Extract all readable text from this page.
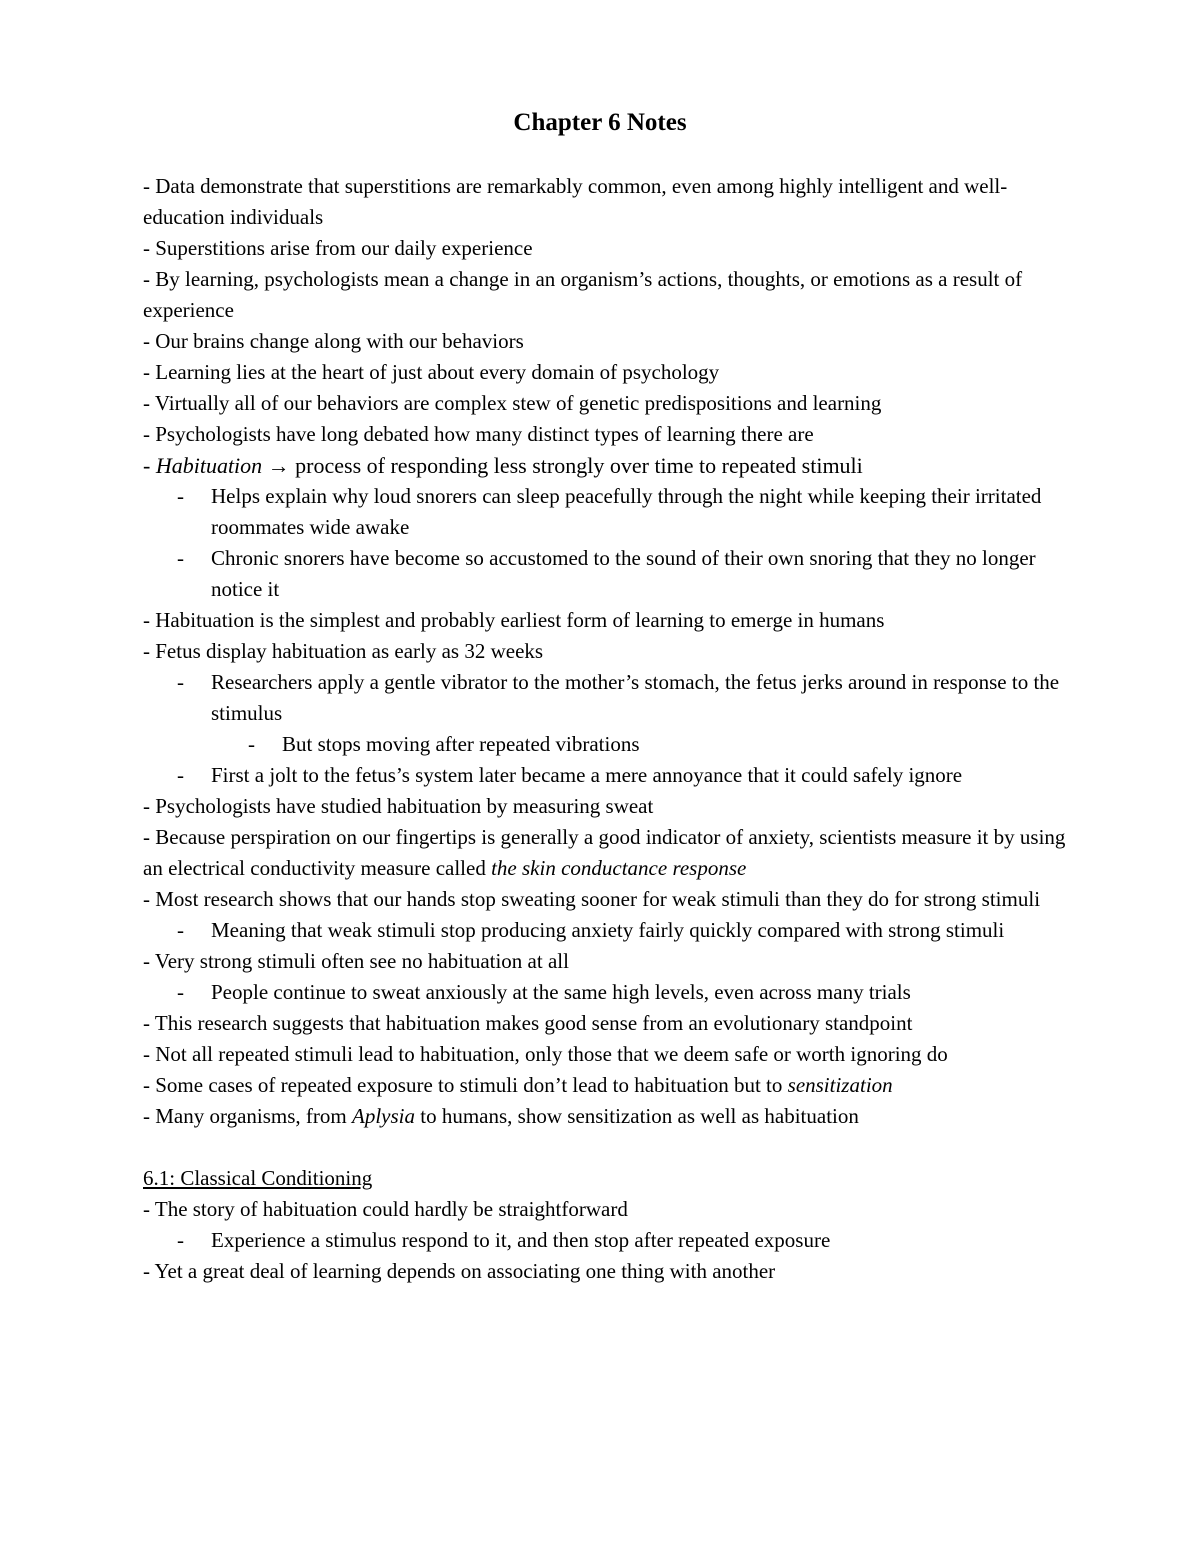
Chapter 6 Notes

- Data demonstrate that superstitions are remarkably common, even among highly intelligent and well-education individuals

- Superstitions arise from our daily experience

- By learning, psychologists mean a change in an organism’s actions, thoughts, or emotions as a result of experience

- Our brains change along with our behaviors

- Learning lies at the heart of just about every domain of psychology

- Virtually all of our behaviors are complex stew of genetic predispositions and learning

- Psychologists have long debated how many distinct types of learning there are

- Habituation → process of responding less strongly over time to repeated stimuli

-	Helps explain why loud snorers can sleep peacefully through the night while keeping their irritated roommates wide awake
-	Chronic snorers have become so accustomed to the sound of their own snoring that they no longer notice it

- Habituation is the simplest and probably earliest form of learning to emerge in humans

- Fetus display habituation as early as 32 weeks

-	Researchers apply a gentle vibrator to the mother’s stomach, the fetus jerks around in response to the stimulus
-	But stops moving after repeated vibrations
-	First a jolt to the fetus’s system later became a mere annoyance that it could safely ignore

- Psychologists have studied habituation by measuring sweat

- Because perspiration on our fingertips is generally a good indicator of anxiety, scientists measure it by using an electrical conductivity measure called the skin conductance response

- Most research shows that our hands stop sweating sooner for weak stimuli than they do for strong stimuli

-	Meaning that weak stimuli stop producing anxiety fairly quickly compared with strong stimuli

- Very strong stimuli often see no habituation at all

-	People continue to sweat anxiously at the same high levels, even across many trials

- This research suggests that habituation makes good sense from an evolutionary standpoint

- Not all repeated stimuli lead to habituation, only those that we deem safe or worth ignoring do

- Some cases of repeated exposure to stimuli don’t lead to habituation but to sensitization

- Many organisms, from Aplysia to humans, show sensitization as well as habituation

6.1: Classical Conditioning

- The story of habituation could hardly be straightforward

-	Experience a stimulus respond to it, and then stop after repeated exposure

- Yet a great deal of learning depends on associating one thing with another
